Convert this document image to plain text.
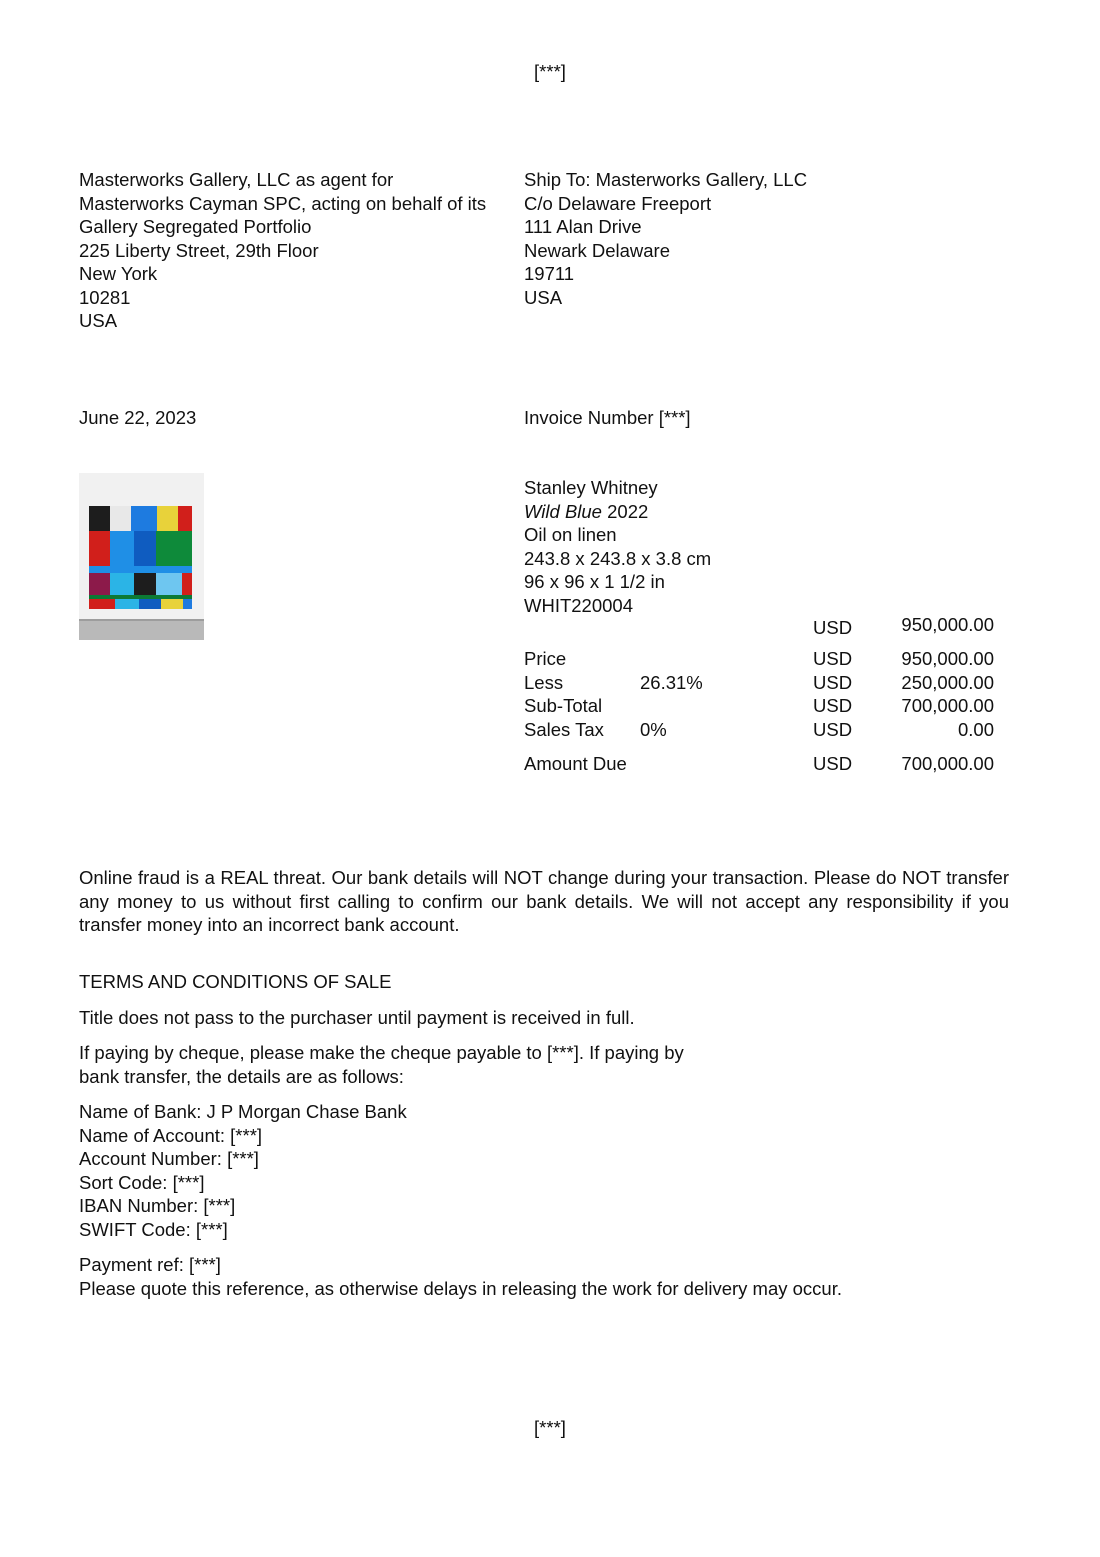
[***]
Masterworks Gallery, LLC as agent for
Masterworks Cayman SPC, acting on behalf of its
Gallery Segregated Portfolio
225 Liberty Street, 29th Floor
New York
10281
USA
Ship To: Masterworks Gallery, LLC
C/o Delaware Freeport
111 Alan Drive
Newark Delaware
19711
USA
June 22, 2023	Invoice Number [***]
Stanley Whitney
Wild Blue 2022
Oil on linen
243.8 x 243.8 x 3.8 cm
96 x 96 x 1 1/2 in
WHIT220004
USD	950,000.00
Price	USD	950,000.00
Less	26.31%	USD	250,000.00
Sub-Total	USD	700,000.00
Sales Tax 0%	USD	0.00
Amount Due	USD	700,000.00
Online fraud is a REAL threat. Our bank details will NOT change during your transaction. Please do NOT transfer any money to us without first calling to confirm our bank details. We will not accept any responsibility if you transfer money into an incorrect bank account.

TERMS AND CONDITIONS OF SALE

Title does not pass to the purchaser until payment is received in full.

If paying by cheque, please make the cheque payable to [***]. If paying by

bank transfer, the details are as follows:

Name of Bank: J P Morgan Chase Bank

Name of Account: [***]

Account Number: [***]

Sort Code: [***]

IBAN Number: [***]

SWIFT Code: [***]

Payment ref: [***]

Please quote this reference, as otherwise delays in releasing the work for delivery may occur.

[***]
